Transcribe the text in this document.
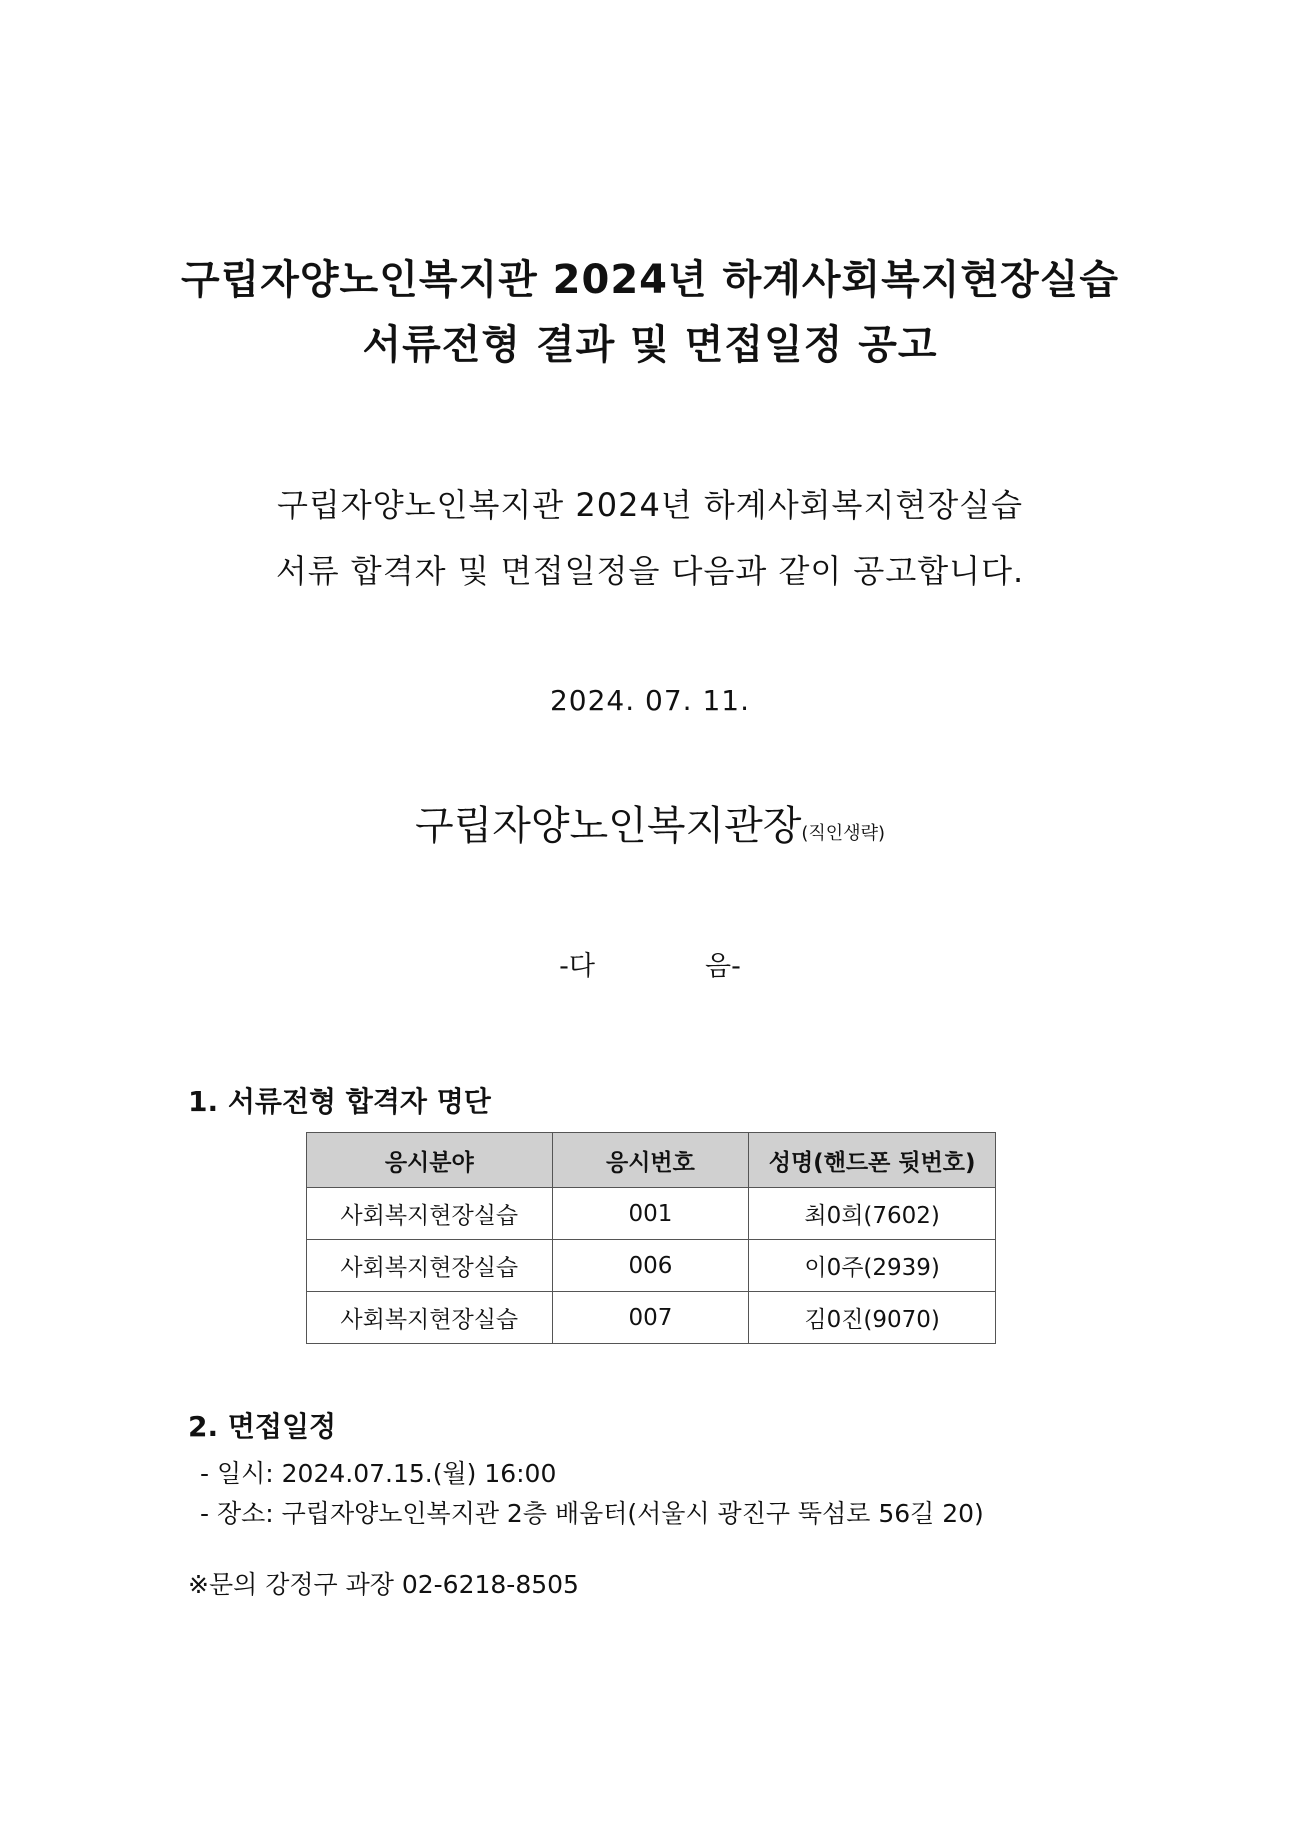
구립자양노인복지관 2024년 하계사회복지현장실습
서류전형 결과 및 면접일정 공고
구립자양노인복지관 2024년 하계사회복지현장실습
서류 합격자 및 면접일정을 다음과 같이 공고합니다.
2024. 07. 11.
구립자양노인복지관장(직인생략)
-다	음-
1. 서류전형 합격자 명단
응시분야	응시번호	성명(핸드폰 뒷번호)
사회복지현장실습	001	최0희(7602)
사회복지현장실습	006	이0주(2939)
사회복지현장실습	007	김0진(9070)
2. 면접일정
- 일시: 2024.07.15.(월) 16:00
- 장소: 구립자양노인복지관 2층 배움터(서울시 광진구 뚝섬로 56길 20)
※문의 강정구 과장 02-6218-8505
